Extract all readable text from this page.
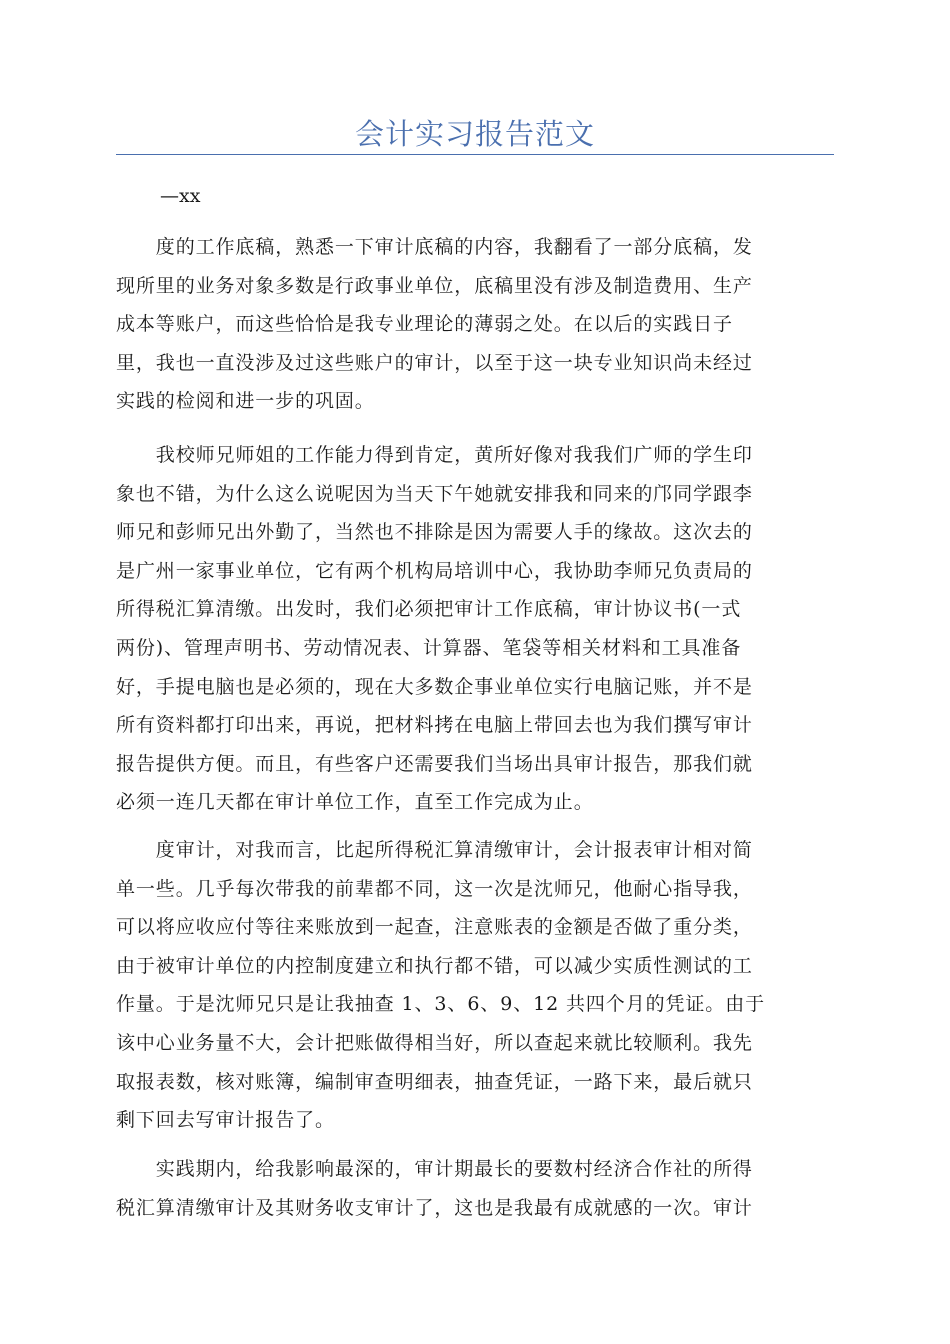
会计实习报告范文
—xx

　　度的工作底稿，熟悉一下审计底稿的内容，我翻看了一部分底稿，发
现所里的业务对象多数是行政事业单位，底稿里没有涉及制造费用、生产
成本等账户，而这些恰恰是我专业理论的薄弱之处。在以后的实践日子
里，我也一直没涉及过这些账户的审计，以至于这一块专业知识尚未经过
实践的检阅和进一步的巩固。

　　我校师兄师姐的工作能力得到肯定，黄所好像对我我们广师的学生印
象也不错，为什么这么说呢因为当天下午她就安排我和同来的邝同学跟李
师兄和彭师兄出外勤了，当然也不排除是因为需要人手的缘故。这次去的
是广州一家事业单位，它有两个机构局培训中心，我协助李师兄负责局的
所得税汇算清缴。出发时，我们必须把审计工作底稿，审计协议书(一式
两份)、管理声明书、劳动情况表、计算器、笔袋等相关材料和工具准备
好，手提电脑也是必须的，现在大多数企事业单位实行电脑记账，并不是
所有资料都打印出来，再说，把材料拷在电脑上带回去也为我们撰写审计
报告提供方便。而且，有些客户还需要我们当场出具审计报告，那我们就
必须一连几天都在审计单位工作，直至工作完成为止。

　　度审计，对我而言，比起所得税汇算清缴审计，会计报表审计相对简
单一些。几乎每次带我的前辈都不同，这一次是沈师兄，他耐心指导我，
可以将应收应付等往来账放到一起查，注意账表的金额是否做了重分类，
由于被审计单位的内控制度建立和执行都不错，可以减少实质性测试的工
作量。于是沈师兄只是让我抽查 1、3、6、9、12 共四个月的凭证。由于
该中心业务量不大，会计把账做得相当好，所以查起来就比较顺利。我先
取报表数，核对账簿，编制审查明细表，抽查凭证，一路下来，最后就只
剩下回去写审计报告了。

　　实践期内，给我影响最深的，审计期最长的要数村经济合作社的所得
税汇算清缴审计及其财务收支审计了，这也是我最有成就感的一次。审计
